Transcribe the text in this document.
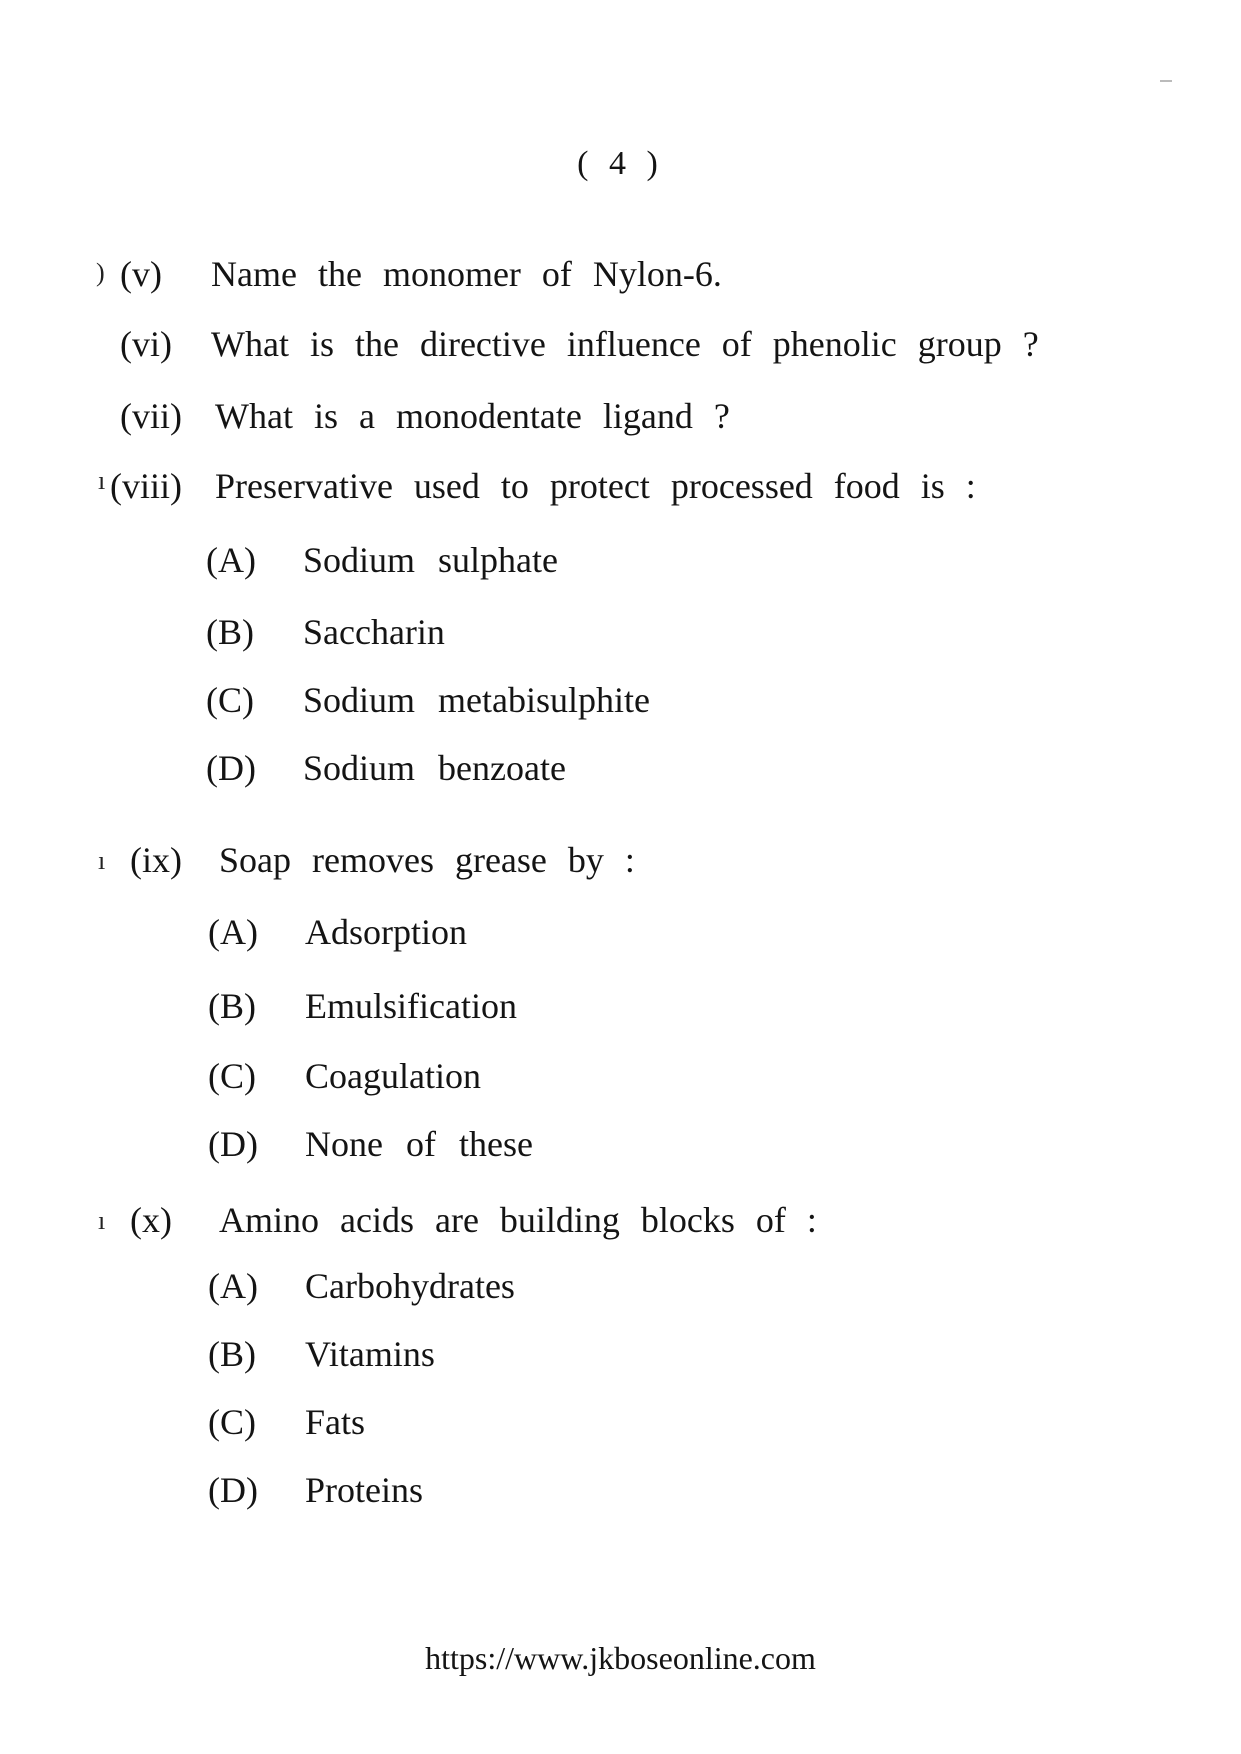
( 4 )
) (v) Name the monomer of Nylon-6.
(vi) What is the directive influence of phenolic group ?
(vii) What is a monodentate ligand ?
ı (viii) Preservative used to protect processed food is :
(A) Sodium sulphate
(B) Saccharin
(C) Sodium metabisulphite
(D) Sodium benzoate
ı (ix) Soap removes grease by :
(A) Adsorption
(B) Emulsification
(C) Coagulation
(D) None of these
ı (x) Amino acids are building blocks of :
(A) Carbohydrates
(B) Vitamins
(C) Fats
(D) Proteins
https://www.jkboseonline.com
